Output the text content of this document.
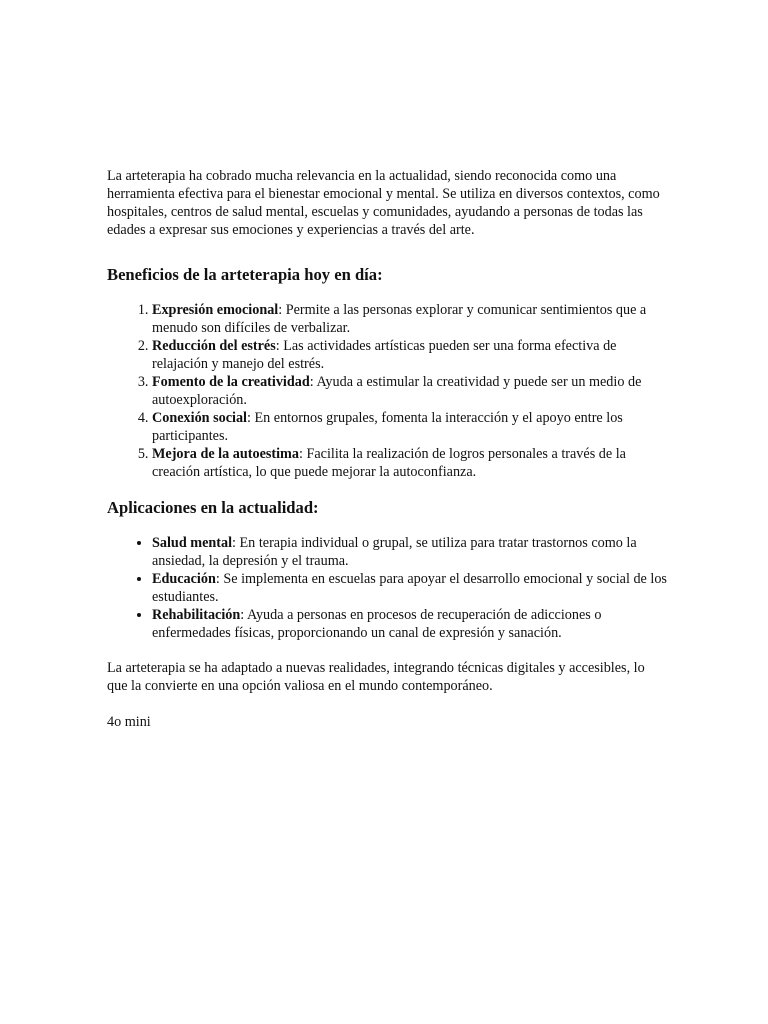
La arteterapia ha cobrado mucha relevancia en la actualidad, siendo reconocida como una herramienta efectiva para el bienestar emocional y mental. Se utiliza en diversos contextos, como hospitales, centros de salud mental, escuelas y comunidades, ayudando a personas de todas las edades a expresar sus emociones y experiencias a través del arte.

Beneficios de la arteterapia hoy en día:
1. Expresión emocional: Permite a las personas explorar y comunicar sentimientos que a menudo son difíciles de verbalizar.
2. Reducción del estrés: Las actividades artísticas pueden ser una forma efectiva de relajación y manejo del estrés.
3. Fomento de la creatividad: Ayuda a estimular la creatividad y puede ser un medio de autoexploración.
4. Conexión social: En entornos grupales, fomenta la interacción y el apoyo entre los participantes.
5. Mejora de la autoestima: Facilita la realización de logros personales a través de la creación artística, lo que puede mejorar la autoconfianza.
Aplicaciones en la actualidad:
• Salud mental: En terapia individual o grupal, se utiliza para tratar trastornos como la ansiedad, la depresión y el trauma.
• Educación: Se implementa en escuelas para apoyar el desarrollo emocional y social de los estudiantes.
• Rehabilitación: Ayuda a personas en procesos de recuperación de adicciones o enfermedades físicas, proporcionando un canal de expresión y sanación.

La arteterapia se ha adaptado a nuevas realidades, integrando técnicas digitales y accesibles, lo que la convierte en una opción valiosa en el mundo contemporáneo.

4o mini
